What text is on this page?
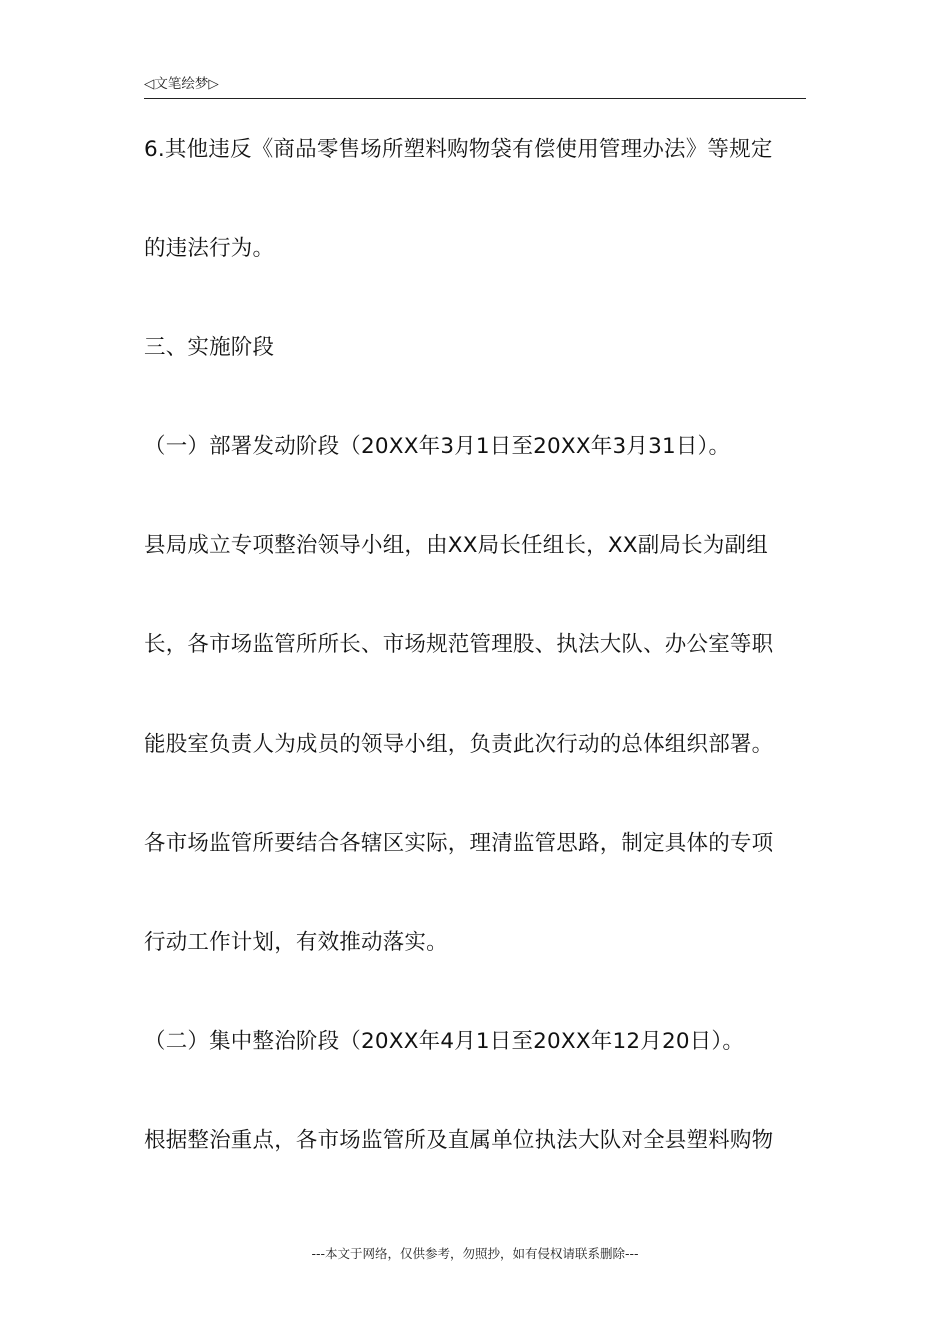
◁文笔绘梦▷
6.其他违反《商品零售场所塑料购物袋有偿使用管理办法》等规定
的违法行为。
三、实施阶段
（一）部署发动阶段（20XX年3月1日至20XX年3月31日）。
县局成立专项整治领导小组，由XX局长任组长，XX副局长为副组
长，各市场监管所所长、市场规范管理股、执法大队、办公室等职
能股室负责人为成员的领导小组，负责此次行动的总体组织部署。
各市场监管所要结合各辖区实际，理清监管思路，制定具体的专项
行动工作计划，有效推动落实。
（二）集中整治阶段（20XX年4月1日至20XX年12月20日）。
根据整治重点，各市场监管所及直属单位执法大队对全县塑料购物
---本文于网络，仅供参考，勿照抄，如有侵权请联系删除---
